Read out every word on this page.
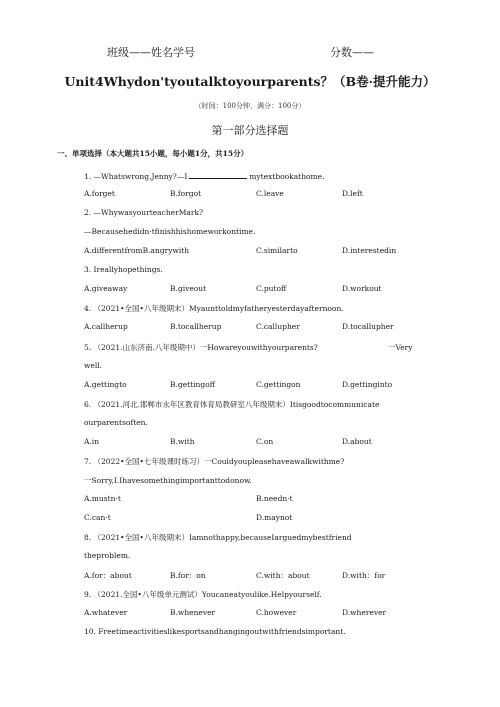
班级——姓名学号	分数——
Unit4Whydon'tyoutalktoyourparents？（B卷·提升能力）
（时间：100分钟，满分：100分）
第一部分选择题
一、单项选择（本大题共15小题，每小题1分，共15分）
1. —Whatswrong,Jenny?—I	mytextbookathome.
A.forget	B.forgot	C.leave	D.left
2. —WhywasyourteacherMark?
—Becausehedidn·tfinishhishomeworkontime.
A.differentfromB.angrywith	C.similarto	D.interestedin
3. Ireallyhopethings.
A.giveaway	B.giveout	C.putoff	D.workout
4. （2021•全国•八年级期末）Myaunttoldmyfatheryesterdayafternoon.
A.callherup	B.tocallherup	C.callupher	D.tocallupher
5. （2021.山东济南.八年级期中）一Howareyouwithyourparents?	一Very
well.
A.gettingto	B.gettingoff	C.gettingon	D.gettinginto
6. （2021.河北.邯郸市永年区教育体育局教研室八年级期末）Itisgoodtocommunicate
ourparentsoften.
A.in	B.with	C.on	D.about
7. （2022•全国•七年级课时练习）一Couldyoupleasehaveawalkwithme?
一Sorry,I.Ihavesomethingimportanttodonow.
A.mustn·t	B.needn·t
C.can·t	D.maynot
8. （2021•全国•八年级期末）Iamnothappy,becauseIarguedmybestfriend
theproblem.
A.for：about	B.for：on	C.with：about	D.with：for
9. （2021.全国•八年级单元测试）Youcaneatyoulike.Helpyourself.
A.whatever	B.whenever	C.however	D.wherever
10. Freetimeactivitieslikesportsandhangingoutwithfriendsimportant.
